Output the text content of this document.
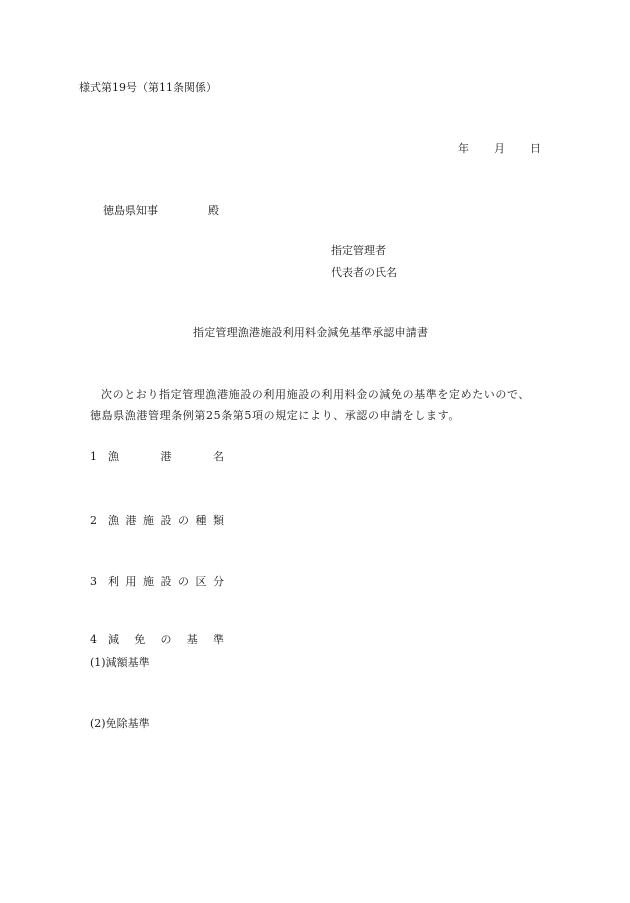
様式第19号（第11条関係）
年 月 日
徳島県知事	殿
指定管理者
代表者の氏名
指定管理漁港施設利用料金減免基準承認申請書
次のとおり指定管理漁港施設の利用施設の利用料金の減免の基準を定めたいので、
徳島県漁港管理条例第25条第5項の規定により、承認の申請をします。
1 漁	港	名
2 漁 港 施 設 の 種 類
3 利 用 施 設 の 区 分
4 減 免 の 基 準
(1)減額基準
(2)免除基準
